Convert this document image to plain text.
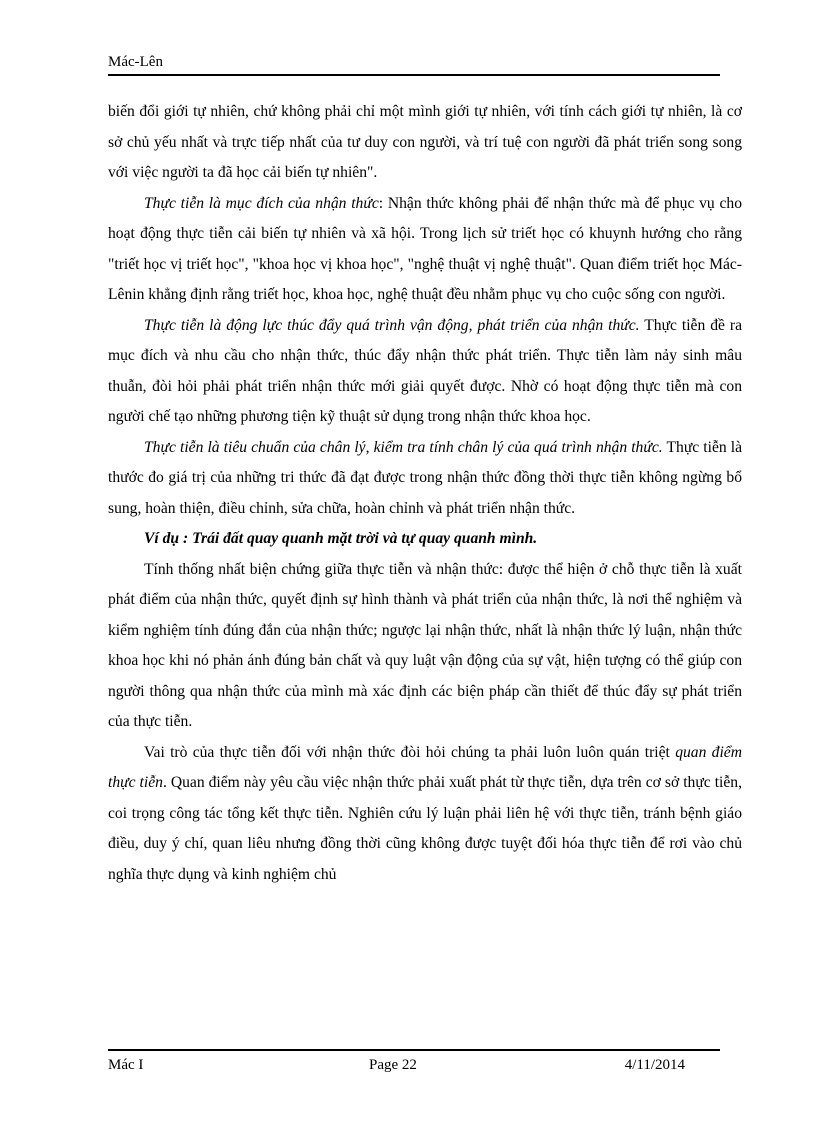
Mác-Lên

biến đổi giới tự nhiên, chứ không phải chỉ một mình giới tự nhiên, với tính cách giới tự nhiên, là cơ sở chủ yếu nhất và trực tiếp nhất của tư duy con người, và trí tuệ con người đã phát triển song song với việc người ta đã học cải biến tự nhiên".

Thực tiễn là mục đích của nhận thức: Nhận thức không phải để nhận thức mà để phục vụ cho hoạt động thực tiễn cải biến tự nhiên và xã hội. Trong lịch sử triết học có khuynh hướng cho rằng "triết học vị triết học", "khoa học vị khoa học", "nghệ thuật vị nghệ thuật". Quan điểm triết học Mác-Lênin khẳng định rằng triết học, khoa học, nghệ thuật đều nhằm phục vụ cho cuộc sống con người.

Thực tiễn là động lực thúc đẩy quá trình vận động, phát triển của nhận thức. Thực tiễn đề ra mục đích và nhu cầu cho nhận thức, thúc đẩy nhận thức phát triển. Thực tiễn làm nảy sinh mâu thuẫn, đòi hỏi phải phát triển nhận thức mới giải quyết được. Nhờ có hoạt động thực tiễn mà con người chế tạo những phương tiện kỹ thuật sử dụng trong nhận thức khoa học.

Thực tiễn là tiêu chuẩn của chân lý, kiểm tra tính chân lý của quá trình nhận thức. Thực tiễn là thước đo giá trị của những tri thức đã đạt được trong nhận thức đồng thời thực tiễn không ngừng bổ sung, hoàn thiện, điều chỉnh, sửa chữa, hoàn chỉnh và phát triển nhận thức.

Ví dụ : Trái đất quay quanh mặt trời và tự quay quanh mình.

Tính thống nhất biện chứng giữa thực tiễn và nhận thức: được thể hiện ở chỗ thực tiễn là xuất phát điểm của nhận thức, quyết định sự hình thành và phát triển của nhận thức, là nơi thể nghiệm và kiểm nghiệm tính đúng đắn của nhận thức; ngược lại nhận thức, nhất là nhận thức lý luận, nhận thức khoa học khi nó phản ánh đúng bản chất và quy luật vận động của sự vật, hiện tượng có thể giúp con người thông qua nhận thức của mình mà xác định các biện pháp cần thiết để thúc đẩy sự phát triển của thực tiễn.

Vai trò của thực tiễn đối với nhận thức đòi hỏi chúng ta phải luôn luôn quán triệt quan điểm thực tiễn. Quan điểm này yêu cầu việc nhận thức phải xuất phát từ thực tiễn, dựa trên cơ sở thực tiễn, coi trọng công tác tổng kết thực tiễn. Nghiên cứu lý luận phải liên hệ với thực tiễn, tránh bệnh giáo điều, duy ý chí, quan liêu nhưng đồng thời cũng không được tuyệt đối hóa thực tiễn để rơi vào chủ nghĩa thực dụng và kinh nghiệm chủ

Mác I	Page 22	4/11/2014
